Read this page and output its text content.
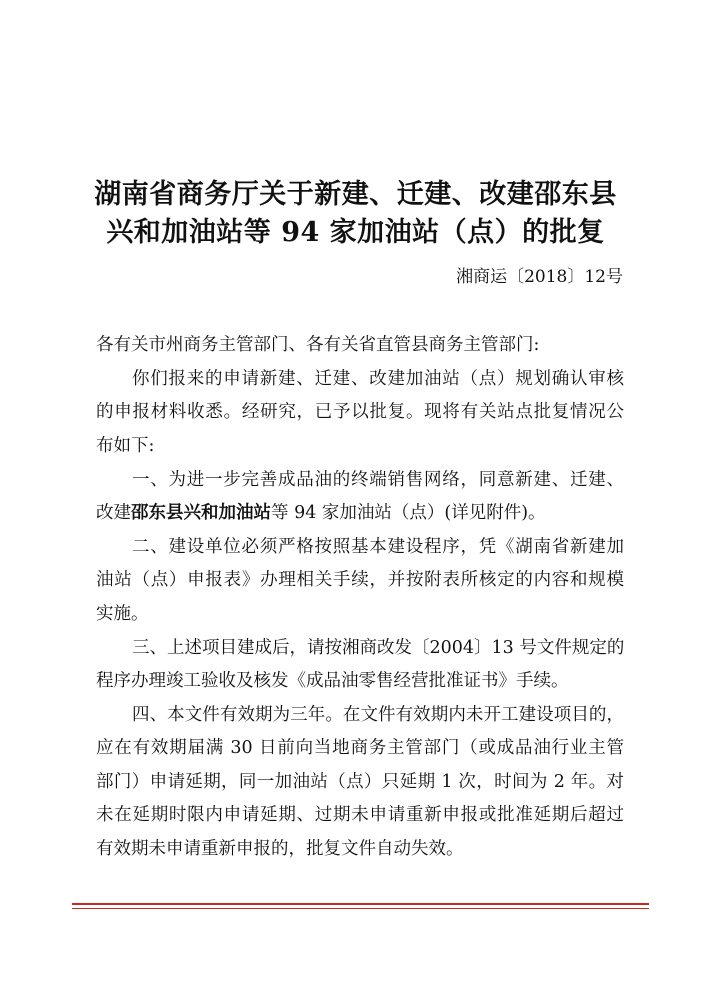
湖南省商务厅关于新建、迁建、改建邵东县
兴和加油站等 94 家加油站（点）的批复
湘商运〔2018〕12号
各有关市州商务主管部门、各有关省直管县商务主管部门:
你们报来的申请新建、迁建、改建加油站（点）规划确认审核
的申报材料收悉。经研究，已予以批复。现将有关站点批复情况公
布如下:
一、为进一步完善成品油的终端销售网络，同意新建、迁建、
改建邵东县兴和加油站等 94 家加油站（点）(详见附件)。
二、建设单位必须严格按照基本建设程序，凭《湖南省新建加
油站（点）申报表》办理相关手续，并按附表所核定的内容和规模
实施。
三、上述项目建成后，请按湘商改发〔2004〕13 号文件规定的
程序办理竣工验收及核发《成品油零售经营批准证书》手续。
四、本文件有效期为三年。在文件有效期内未开工建设项目的，
应在有效期届满 30 日前向当地商务主管部门（或成品油行业主管
部门）申请延期，同一加油站（点）只延期 1 次，时间为 2 年。对
未在延期时限内申请延期、过期未申请重新申报或批准延期后超过
有效期未申请重新申报的，批复文件自动失效。
